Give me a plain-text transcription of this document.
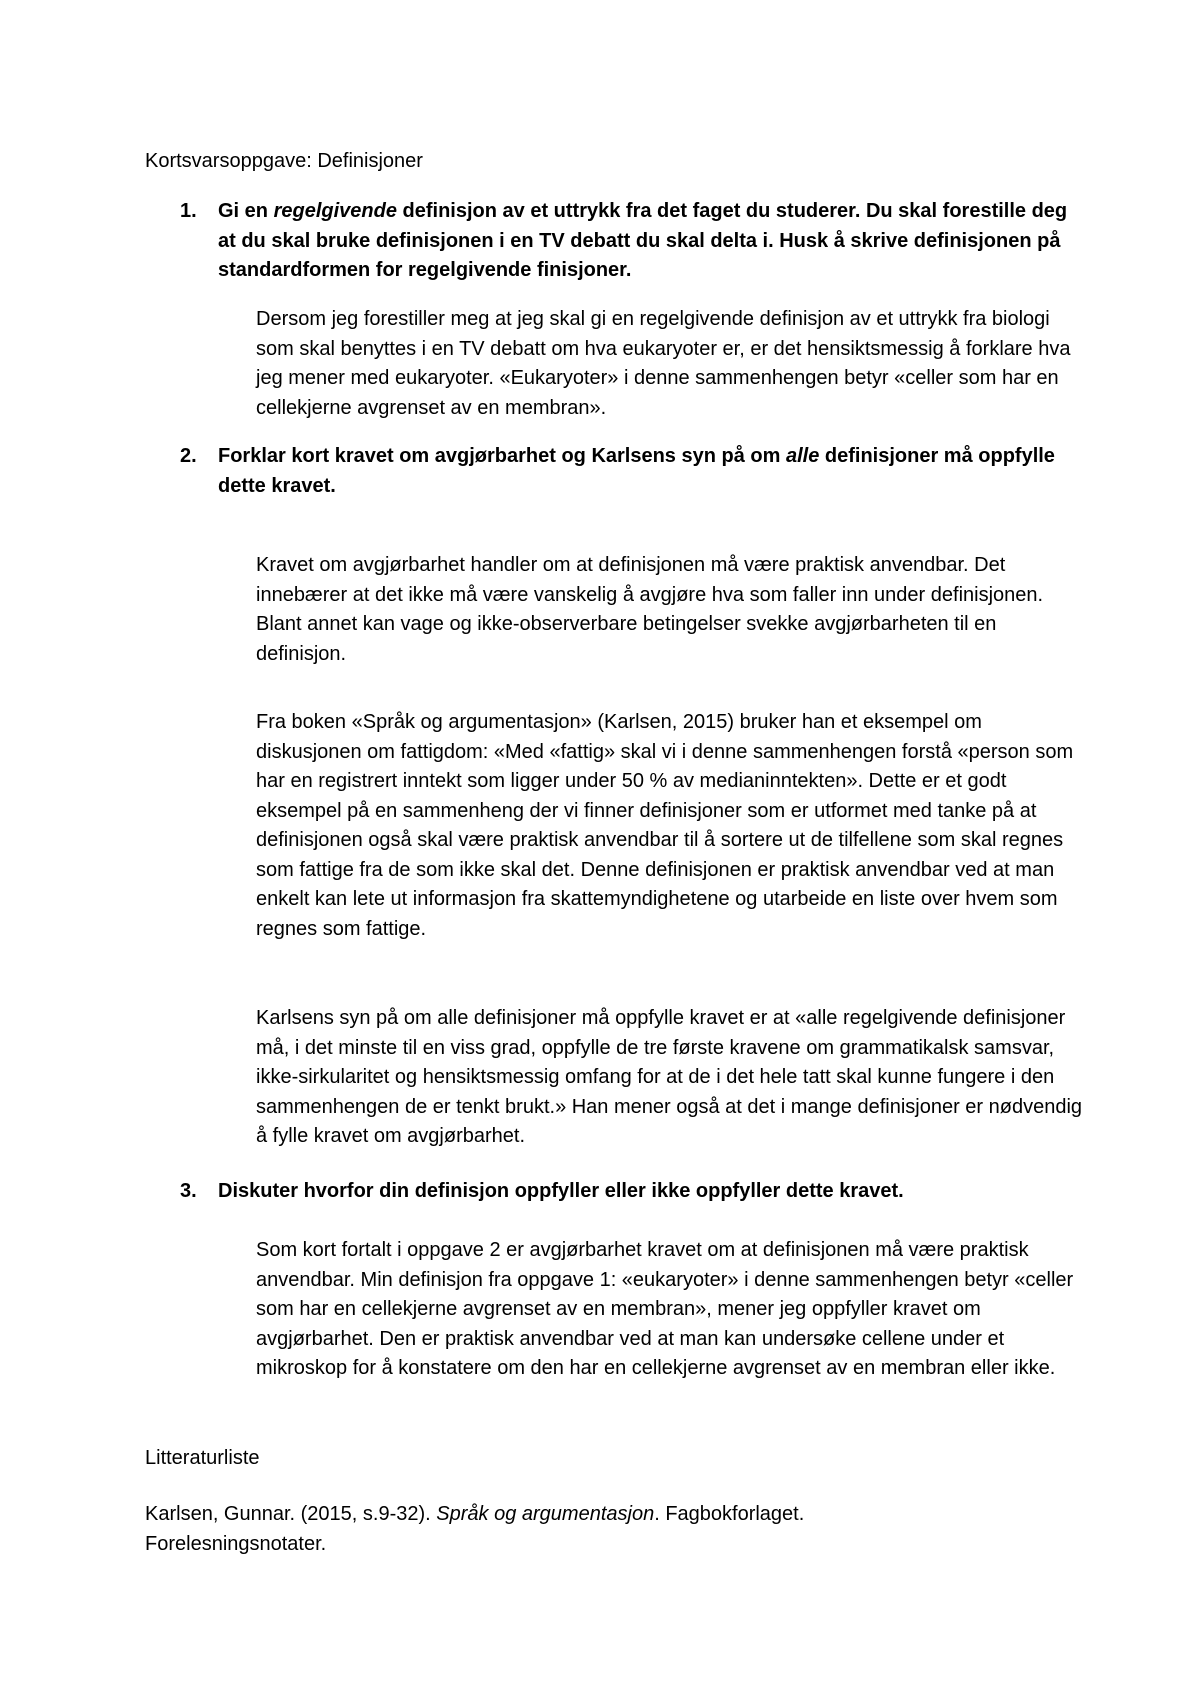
Kortsvarsoppgave: Definisjoner

1. Gi en regelgivende definisjon av et uttrykk fra det faget du studerer. Du skal forestille deg at du skal bruke definisjonen i en TV debatt du skal delta i. Husk å skrive definisjonen på standardformen for regelgivende finisjoner.

Dersom jeg forestiller meg at jeg skal gi en regelgivende definisjon av et uttrykk fra biologi som skal benyttes i en TV debatt om hva eukaryoter er, er det hensiktsmessig å forklare hva jeg mener med eukaryoter. «Eukaryoter» i denne sammenhengen betyr «celler som har en cellekjerne avgrenset av en membran».

2. Forklar kort kravet om avgjørbarhet og Karlsens syn på om alle definisjoner må oppfylle dette kravet.

Kravet om avgjørbarhet handler om at definisjonen må være praktisk anvendbar. Det innebærer at det ikke må være vanskelig å avgjøre hva som faller inn under definisjonen. Blant annet kan vage og ikke-observerbare betingelser svekke avgjørbarheten til en definisjon.

Fra boken «Språk og argumentasjon» (Karlsen, 2015) bruker han et eksempel om diskusjonen om fattigdom: «Med «fattig» skal vi i denne sammenhengen forstå «person som har en registrert inntekt som ligger under 50 % av medianinntekten». Dette er et godt eksempel på en sammenheng der vi finner definisjoner som er utformet med tanke på at definisjonen også skal være praktisk anvendbar til å sortere ut de tilfellene som skal regnes som fattige fra de som ikke skal det. Denne definisjonen er praktisk anvendbar ved at man enkelt kan lete ut informasjon fra skattemyndighetene og utarbeide en liste over hvem som regnes som fattige.

Karlsens syn på om alle definisjoner må oppfylle kravet er at «alle regelgivende definisjoner må, i det minste til en viss grad, oppfylle de tre første kravene om grammatikalsk samsvar, ikke-sirkularitet og hensiktsmessig omfang for at de i det hele tatt skal kunne fungere i den sammenhengen de er tenkt brukt.» Han mener også at det i mange definisjoner er nødvendig å fylle kravet om avgjørbarhet.

3. Diskuter hvorfor din definisjon oppfyller eller ikke oppfyller dette kravet.

Som kort fortalt i oppgave 2 er avgjørbarhet kravet om at definisjonen må være praktisk anvendbar. Min definisjon fra oppgave 1: «eukaryoter» i denne sammenhengen betyr «celler som har en cellekjerne avgrenset av en membran», mener jeg oppfyller kravet om avgjørbarhet. Den er praktisk anvendbar ved at man kan undersøke cellene under et mikroskop for å konstatere om den har en cellekjerne avgrenset av en membran eller ikke.

Litteraturliste

Karlsen, Gunnar. (2015, s.9-32). Språk og argumentasjon. Fagbokforlaget.
Forelesningsnotater.
